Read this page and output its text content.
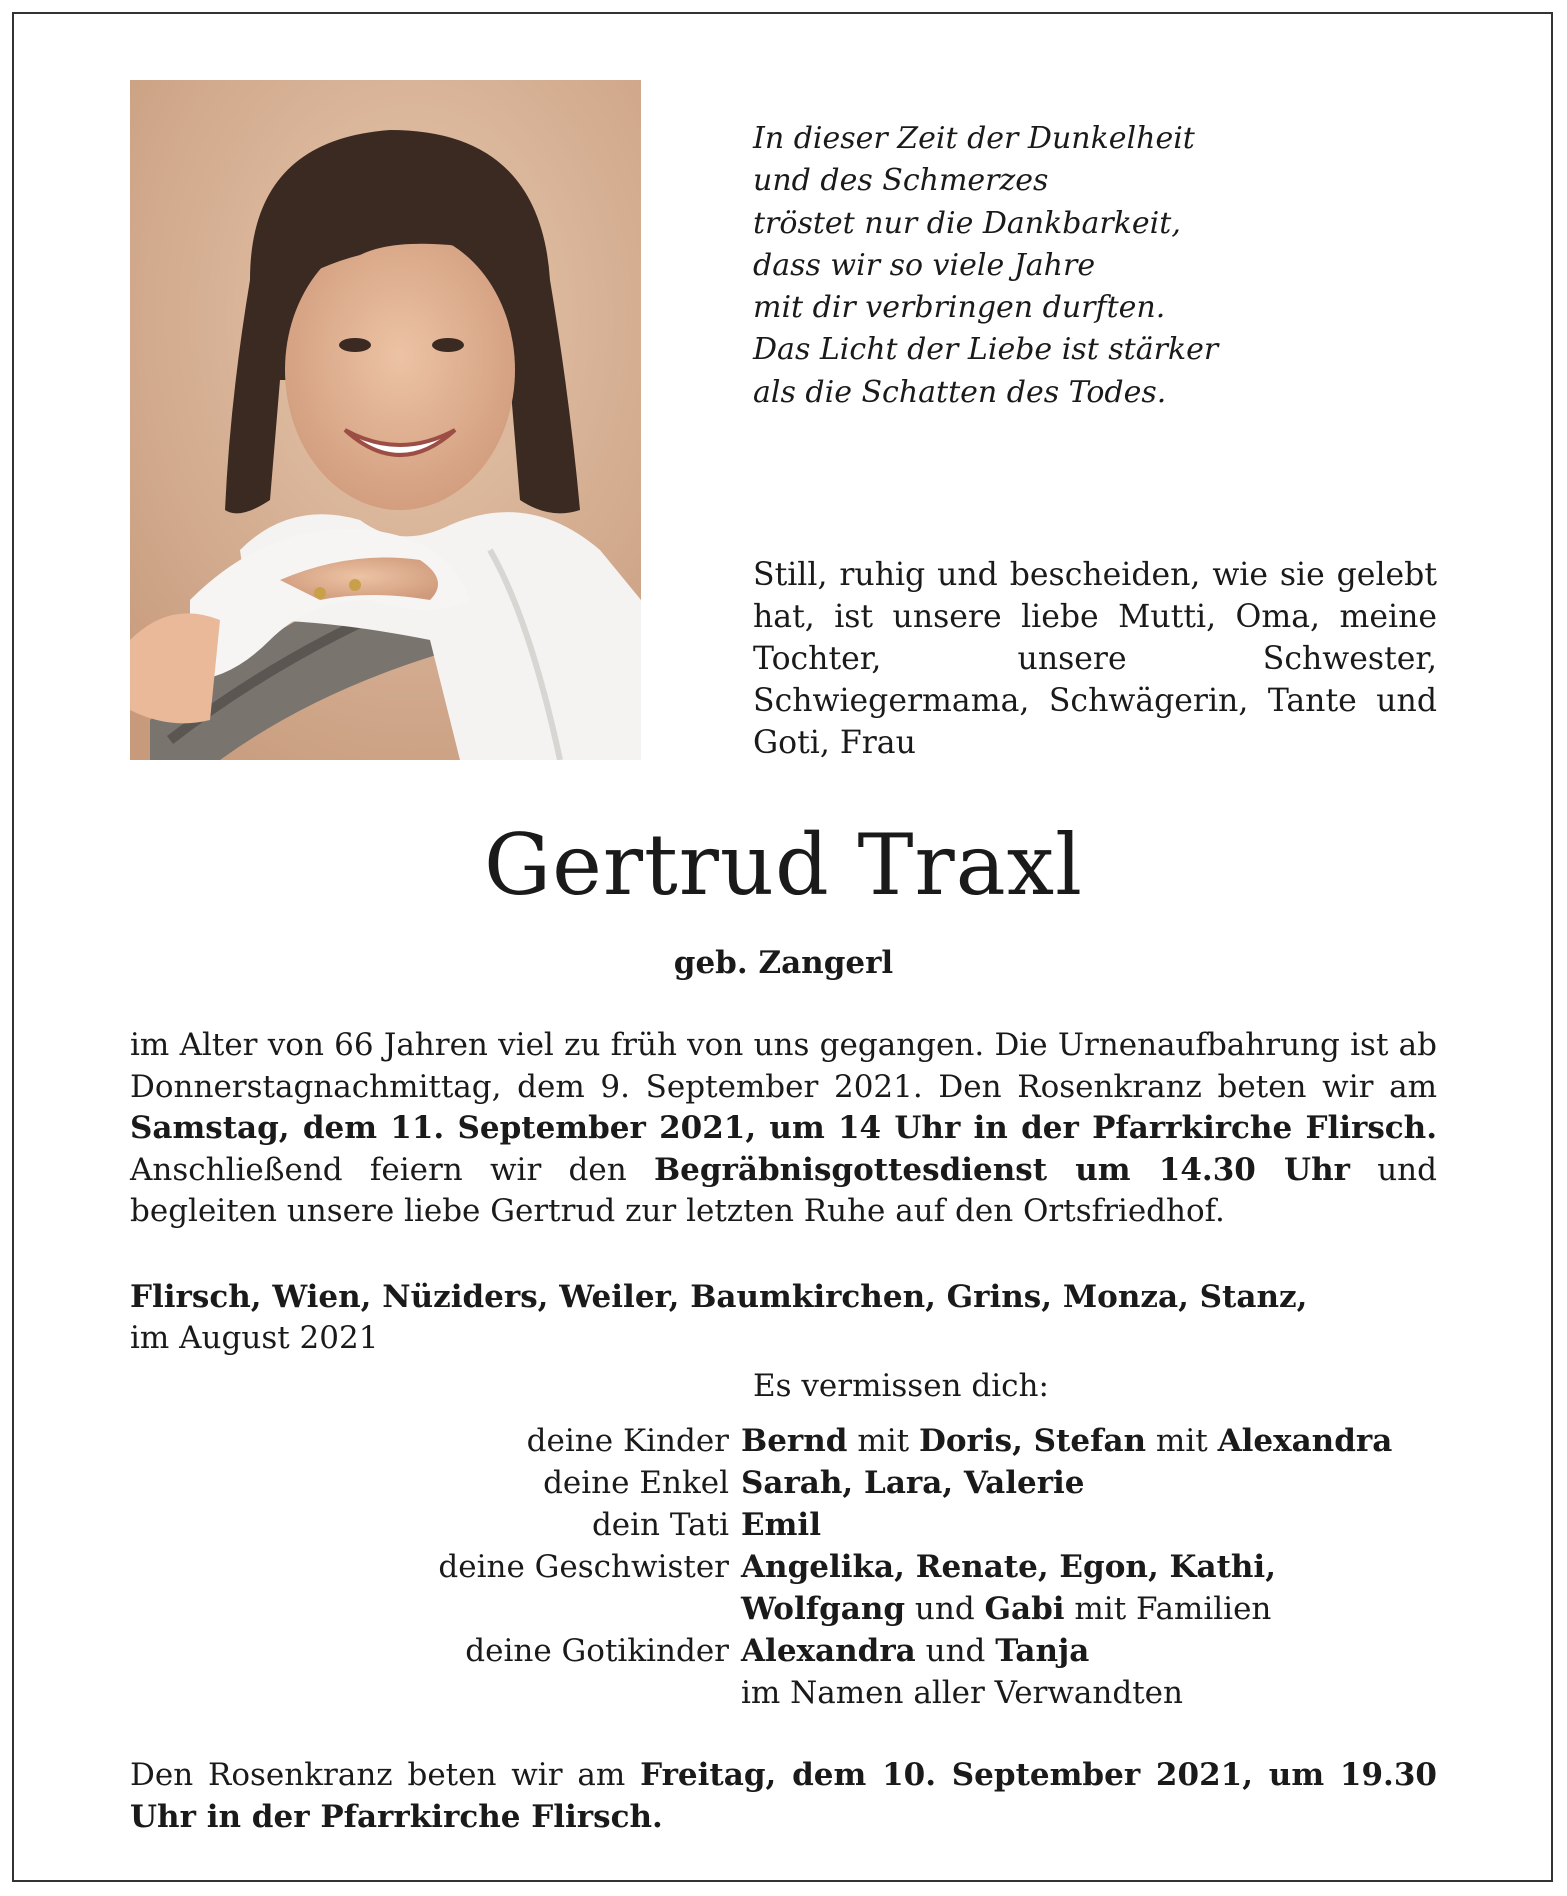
In dieser Zeit der Dunkelheit
und des Schmerzes
tröstet nur die Dankbarkeit,
dass wir so viele Jahre
mit dir verbringen durften.
Das Licht der Liebe ist stärker
als die Schatten des Todes.
Still, ruhig und bescheiden, wie sie gelebt hat, ist unsere liebe Mutti, Oma, meine Tochter, unsere Schwester, Schwiegermama, Schwägerin, Tante und Goti, Frau
Gertrud Traxl
geb. Zangerl
im Alter von 66 Jahren viel zu früh von uns gegangen. Die Urnenaufbahrung ist ab Donnerstagnachmittag, dem 9. September 2021. Den Rosenkranz beten wir am Samstag, dem 11. September 2021, um 14 Uhr in der Pfarrkirche Flirsch. Anschließend feiern wir den Begräbnisgottesdienst um 14.30 Uhr und begleiten unsere liebe Gertrud zur letzten Ruhe auf den Ortsfriedhof.
Flirsch, Wien, Nüziders, Weiler, Baumkirchen, Grins, Monza, Stanz,
im August 2021
Es vermissen dich:
deine Kinder Bernd mit Doris, Stefan mit Alexandra
deine Enkel Sarah, Lara, Valerie
dein Tati Emil
deine Geschwister Angelika, Renate, Egon, Kathi,
Wolfgang und Gabi mit Familien
deine Gotikinder Alexandra und Tanja
im Namen aller Verwandten
Den Rosenkranz beten wir am Freitag, dem 10. September 2021, um 19.30 Uhr in der Pfarrkirche Flirsch.
